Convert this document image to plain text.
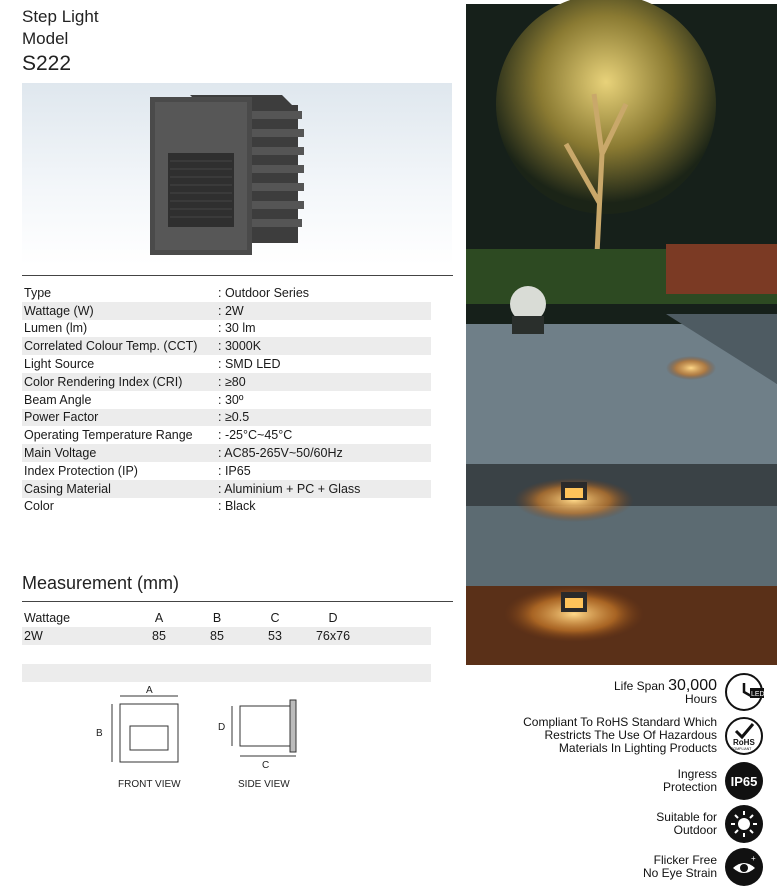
Step Light
Model
S222
Type	: Outdoor Series
Wattage (W)	: 2W
Lumen (lm)	: 30 lm
Correlated Colour Temp. (CCT)	: 3000K
Light Source	: SMD LED
Color Rendering Index (CRI)	: ≥80
Beam Angle	: 30º
Power Factor	: ≥0.5
Operating Temperature Range	: -25°C~45°C
Main Voltage	: AC85-265V~50/60Hz
Index Protection (IP)	: IP65
Casing Material	: Aluminium + PC + Glass
Color	: Black
Measurement (mm)
Wattage	A	B	C	D	
2W	85	85	53	76x76	
A
B
D
C
FRONT VIEW	SIDE VIEW
Life Span 30,000
Hours	LED
Compliant To RoHS Standard Which
Restricts The Use Of Hazardous
Materials In Lighting Products RoHS
COMPLIANT
Ingress
Protection IP65
Suitable for
Outdoor
Flicker Free
No Eye Strain
+
